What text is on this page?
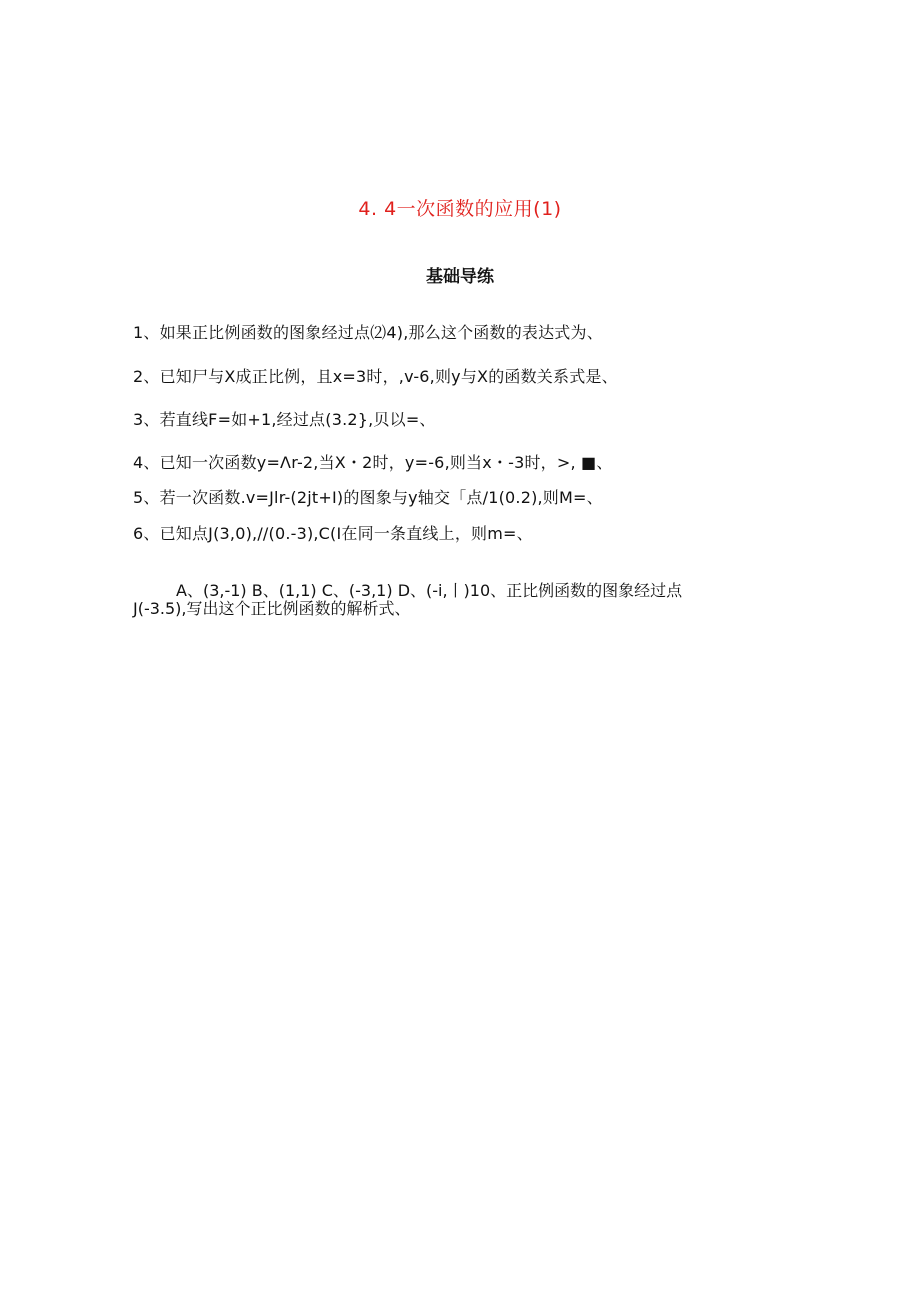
4. 4一次函数的应用(1)
基础导练
1、如果正比例函数的图象经过点⑵4),那么这个函数的表达式为、
2、已知尸与X成正比例，且x=3时，,v-6,则y与X的函数关系式是、
3、若直线F=如+1,经过点(3.2},贝以=、
4、已知一次函数y=Λr-2,当X・2时，y=-6,则当x・-3时，>, ■、
5、若一次函数.v=Jlr-(2jt+I)的图象与y轴交「点/1(0.2),则M=、
6、已知点J(3,0),//(0.-3),C(I在同一条直线上，则m=、
A、(3,-1) B、(1,1) C、(-3,1) D、(-i,丨)10、正比例函数的图象经过点
J(-3.5),写出这个正比例函数的解析式、
